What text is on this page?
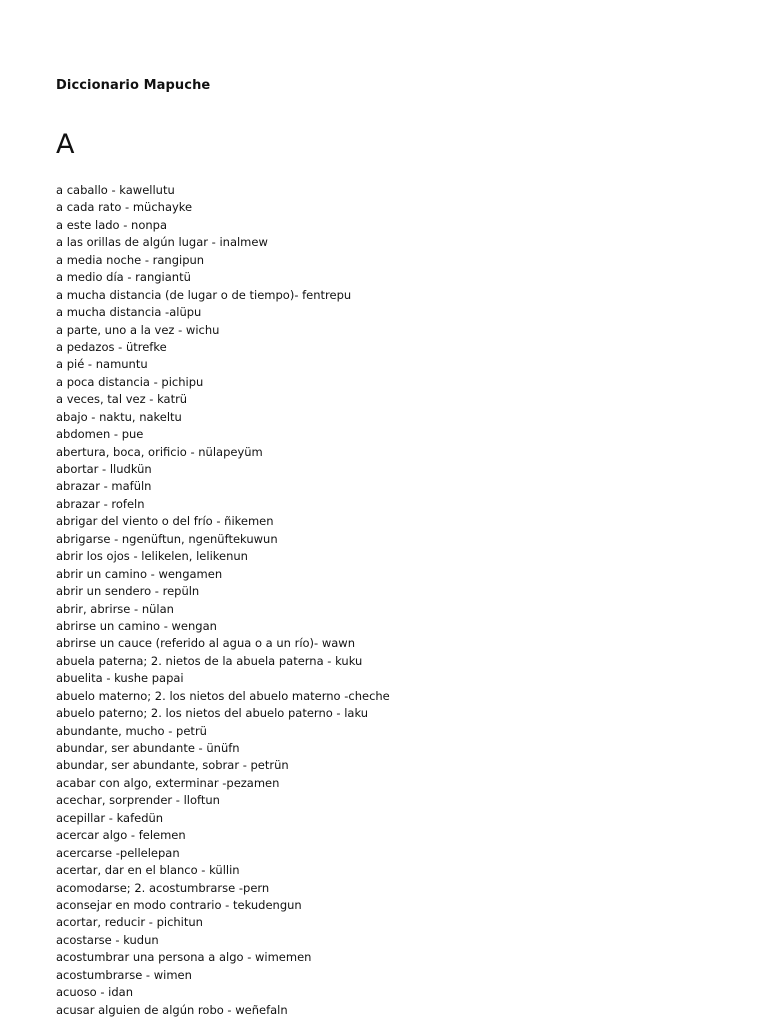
Diccionario Mapuche
A
a caballo - kawellutu
a cada rato - müchayke
a este lado - nonpa
a las orillas de algún lugar - inalmew
a media noche - rangipun
a medio día - rangiantü
a mucha distancia (de lugar o de tiempo)- fentrepu
a mucha distancia -alüpu
a parte, uno a la vez - wichu
a pedazos - ütrefke
a pié - namuntu
a poca distancia - pichipu
a veces, tal vez - katrü
abajo - naktu, nakeltu
abdomen - pue
abertura, boca, orificio - nülapeyüm
abortar - lludkün
abrazar - mafüln
abrazar - rofeln
abrigar del viento o del frío - ñikemen
abrigarse - ngenüftun, ngenüftekuwun
abrir los ojos - lelikelen, lelikenun
abrir un camino - wengamen
abrir un sendero - repüln
abrir, abrirse - nülan
abrirse un camino - wengan
abrirse un cauce (referido al agua o a un río)- wawn
abuela paterna; 2. nietos de la abuela paterna - kuku
abuelita - kushe papai
abuelo materno; 2. los nietos del abuelo materno -cheche
abuelo paterno; 2. los nietos del abuelo paterno - laku
abundante, mucho - petrü
abundar, ser abundante - ünüfn
abundar, ser abundante, sobrar - petrün
acabar con algo, exterminar -pezamen
acechar, sorprender - lloftun
acepillar - kafedün
acercar algo - felemen
acercarse -pellelepan
acertar, dar en el blanco - küllin
acomodarse; 2. acostumbrarse -pern
aconsejar en modo contrario - tekudengun
acortar, reducir - pichitun
acostarse - kudun
acostumbrar una persona a algo - wimemen
acostumbrarse - wimen
acuoso - idan
acusar alguien de algún robo - weñefaln
